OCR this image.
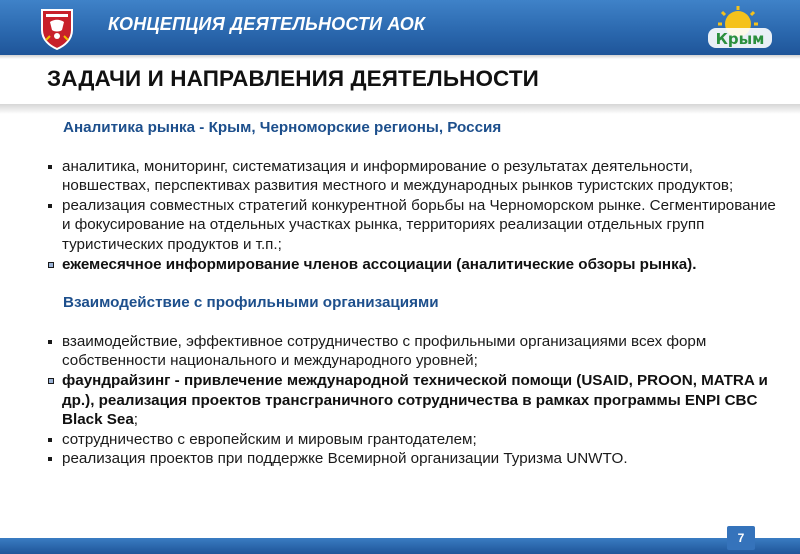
КОНЦЕПЦИЯ ДЕЯТЕЛЬНОСТИ АОК
Крым
ЗАДАЧИ И НАПРАВЛЕНИЯ ДЕЯТЕЛЬНОСТИ
Аналитика рынка - Крым, Черноморские регионы, Россия
аналитика, мониторинг, систематизация и информирование о результатах деятельности, новшествах, перспективах развития местного и международных рынков туристских продуктов;
реализация совместных стратегий конкурентной борьбы на Черноморском рынке. Сегментирование и фокусирование на отдельных участках рынка, территориях реализации отдельных групп туристических продуктов и т.п.;
ежемесячное информирование членов ассоциации (аналитические обзоры рынка).
Взаимодействие с профильными организациями
взаимодействие, эффективное сотрудничество с профильными организациями всех форм собственности национального и международного уровней;
фаундрайзинг - привлечение международной технической помощи (USAID, PROON, MATRA и др.), реализация проектов трансграничного сотрудничества в рамках программы ENPI CBC Black Sea;
сотрудничество с европейским и мировым грантодателем;
реализация проектов при поддержке Всемирной организации Туризма UNWTO.
7
